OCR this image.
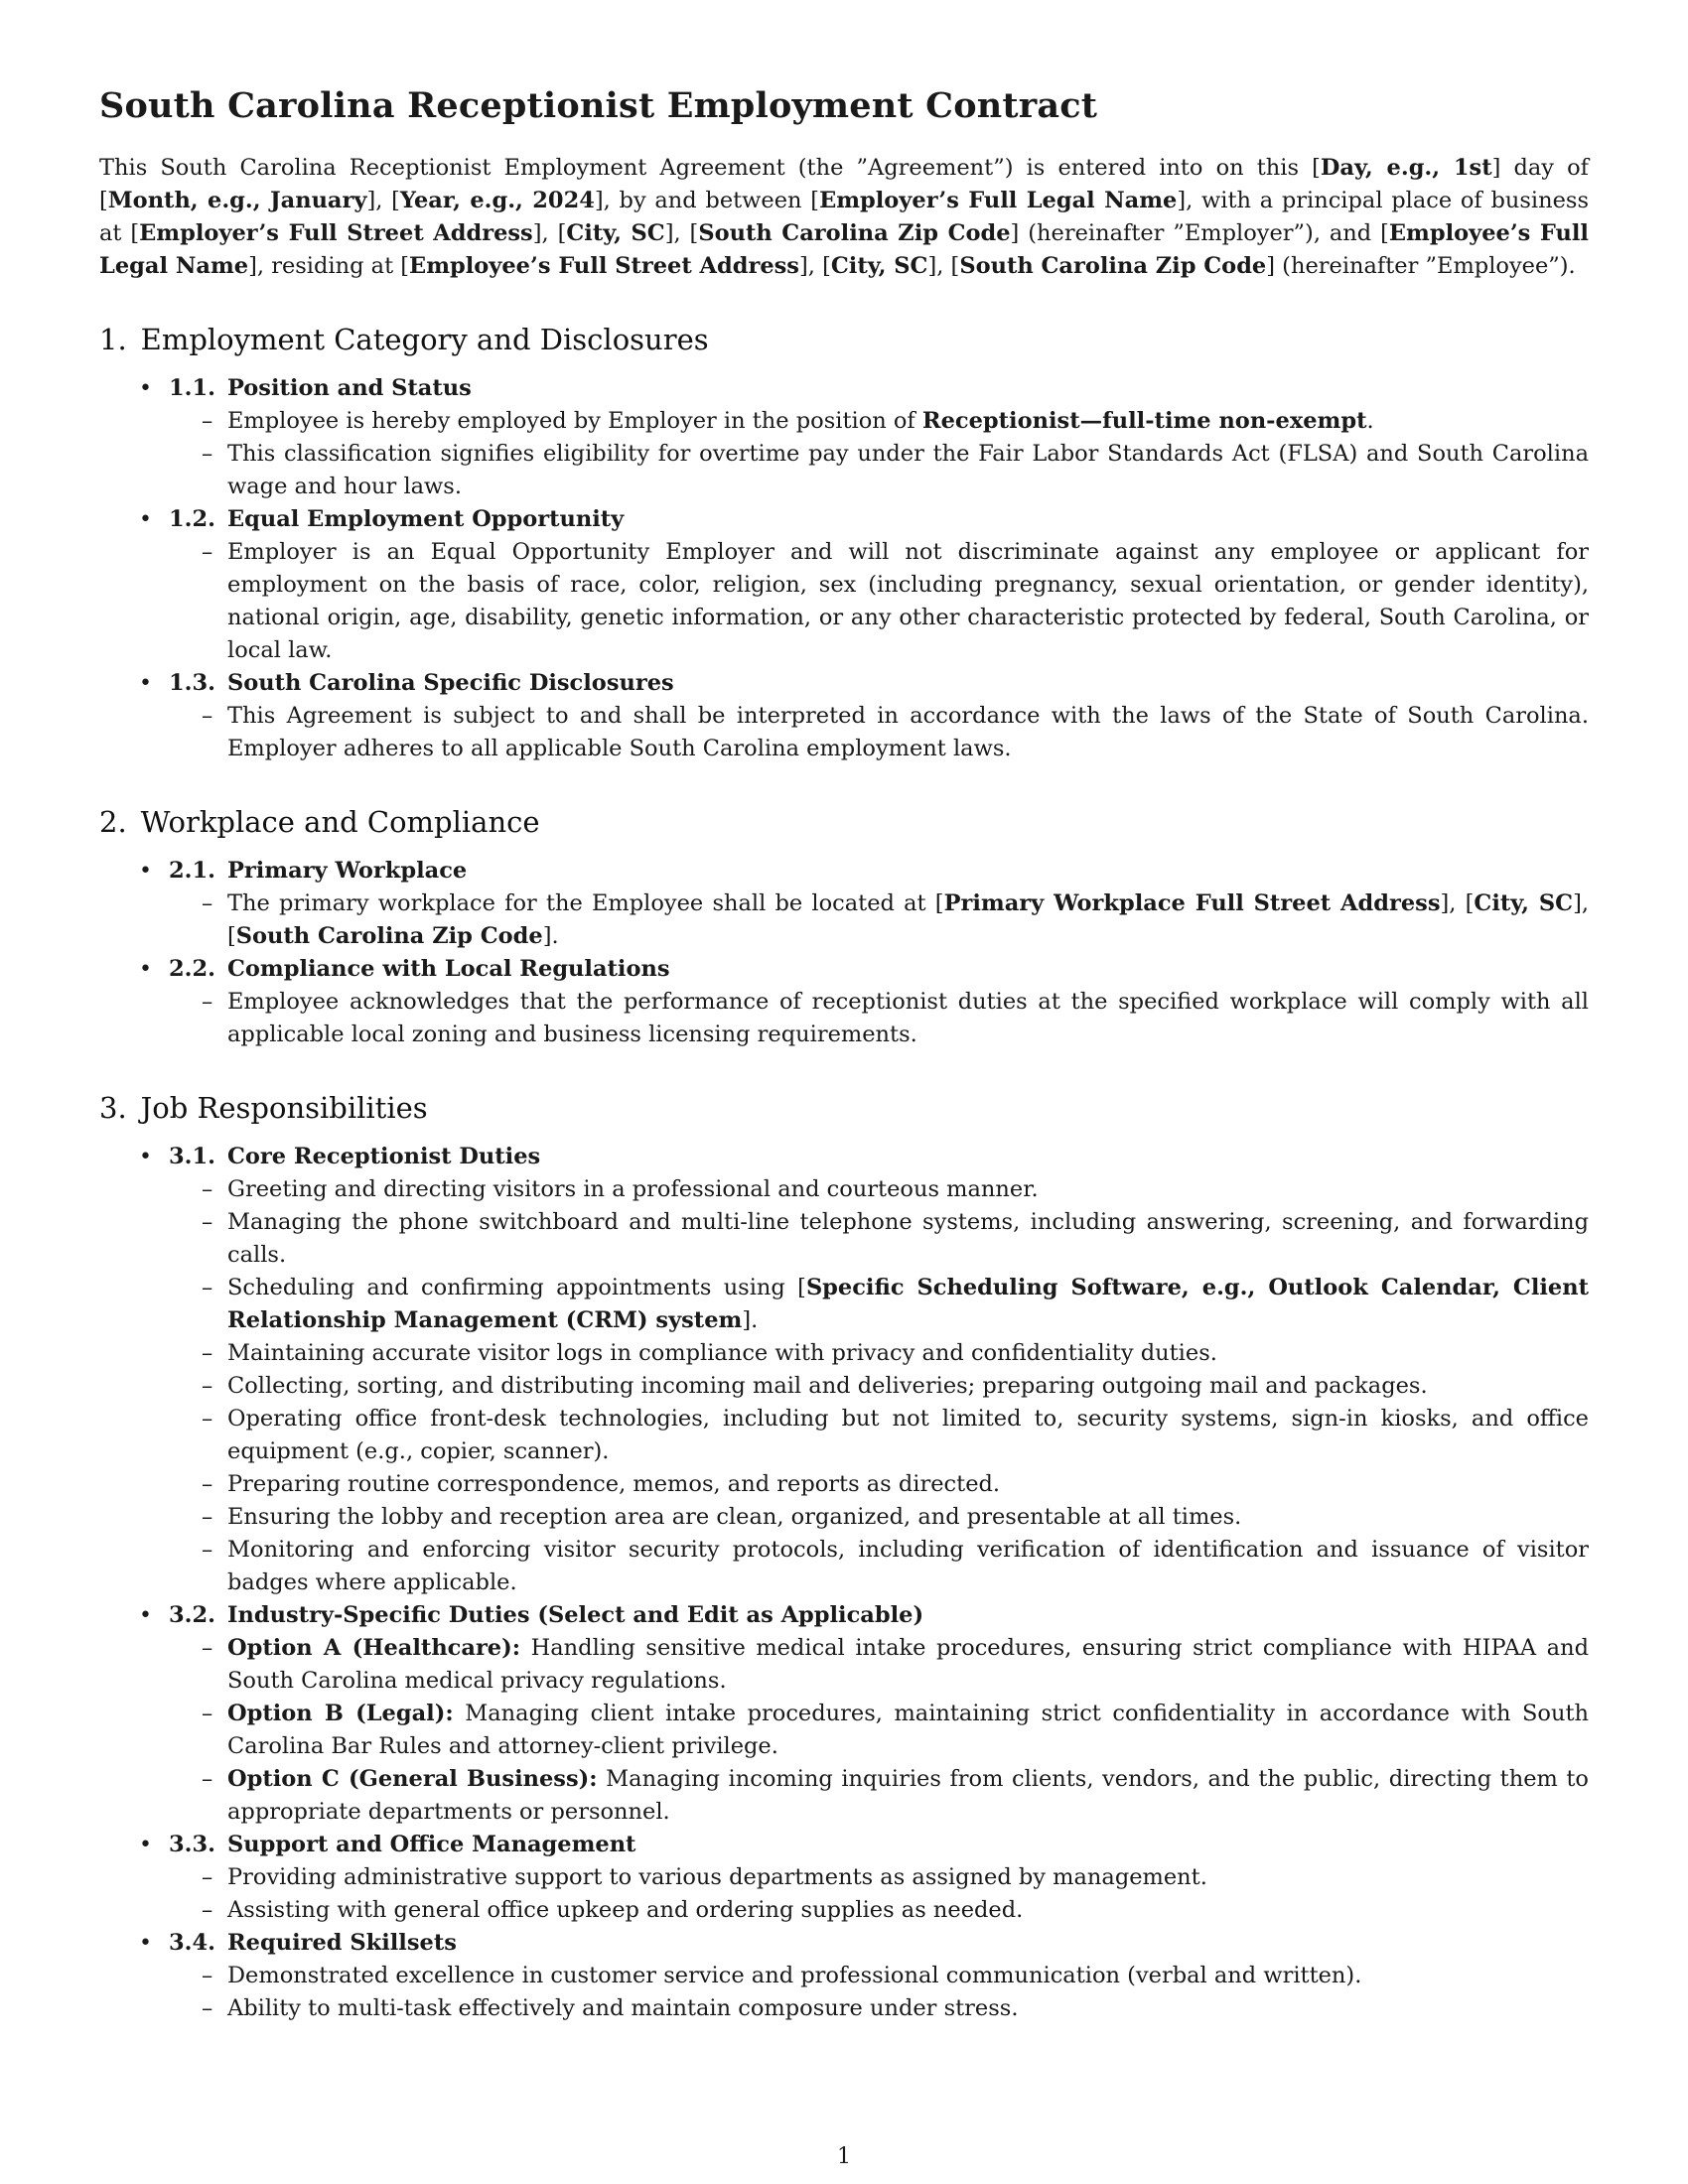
South Carolina Receptionist Employment Contract

This South Carolina Receptionist Employment Agreement (the ”Agreement”) is entered into on this [Day, e.g., 1st] day of [Month, e.g., January], [Year, e.g., 2024], by and between [Employer’s Full Legal Name], with a principal place of business at [Employer’s Full Street Address], [City, SC], [South Carolina Zip Code] (hereinafter ”Employer”), and [Employee’s Full Legal Name], residing at [Employee’s Full Street Address], [City, SC], [South Carolina Zip Code] (hereinafter ”Employee”).

1. Employment Category and Disclosures
• 1.1. Position and Status
– Employee is hereby employed by Employer in the position of Receptionist—full-time non-exempt.
– This classification signifies eligibility for overtime pay under the Fair Labor Standards Act (FLSA) and South Carolina wage and hour laws.
• 1.2. Equal Employment Opportunity
– Employer is an Equal Opportunity Employer and will not discriminate against any employee or applicant for employment on the basis of race, color, religion, sex (including pregnancy, sexual orientation, or gender identity), national origin, age, disability, genetic information, or any other characteristic protected by federal, South Carolina, or local law.
• 1.3. South Carolina Specific Disclosures
– This Agreement is subject to and shall be interpreted in accordance with the laws of the State of South Carolina. Employer adheres to all applicable South Carolina employment laws.
2. Workplace and Compliance
• 2.1. Primary Workplace
– The primary workplace for the Employee shall be located at [Primary Workplace Full Street Address], [City, SC], [South Carolina Zip Code].
• 2.2. Compliance with Local Regulations
– Employee acknowledges that the performance of receptionist duties at the specified workplace will comply with all applicable local zoning and business licensing requirements.
3. Job Responsibilities
• 3.1. Core Receptionist Duties
– Greeting and directing visitors in a professional and courteous manner.
– Managing the phone switchboard and multi-line telephone systems, including answering, screening, and forwarding calls.
– Scheduling and confirming appointments using [Specific Scheduling Software, e.g., Outlook Calendar, Client Relationship Management (CRM) system].
– Maintaining accurate visitor logs in compliance with privacy and confidentiality duties.
– Collecting, sorting, and distributing incoming mail and deliveries; preparing outgoing mail and packages.
– Operating office front-desk technologies, including but not limited to, security systems, sign-in kiosks, and office equipment (e.g., copier, scanner).
– Preparing routine correspondence, memos, and reports as directed.
– Ensuring the lobby and reception area are clean, organized, and presentable at all times.
– Monitoring and enforcing visitor security protocols, including verification of identification and issuance of visitor badges where applicable.
• 3.2. Industry-Specific Duties (Select and Edit as Applicable)
– Option A (Healthcare): Handling sensitive medical intake procedures, ensuring strict compliance with HIPAA and South Carolina medical privacy regulations.
– Option B (Legal): Managing client intake procedures, maintaining strict confidentiality in accordance with South Carolina Bar Rules and attorney-client privilege.
– Option C (General Business): Managing incoming inquiries from clients, vendors, and the public, directing them to appropriate departments or personnel.
• 3.3. Support and Office Management
– Providing administrative support to various departments as assigned by management.
– Assisting with general office upkeep and ordering supplies as needed.
• 3.4. Required Skillsets
– Demonstrated excellence in customer service and professional communication (verbal and written).
– Ability to multi-task effectively and maintain composure under stress.
1
